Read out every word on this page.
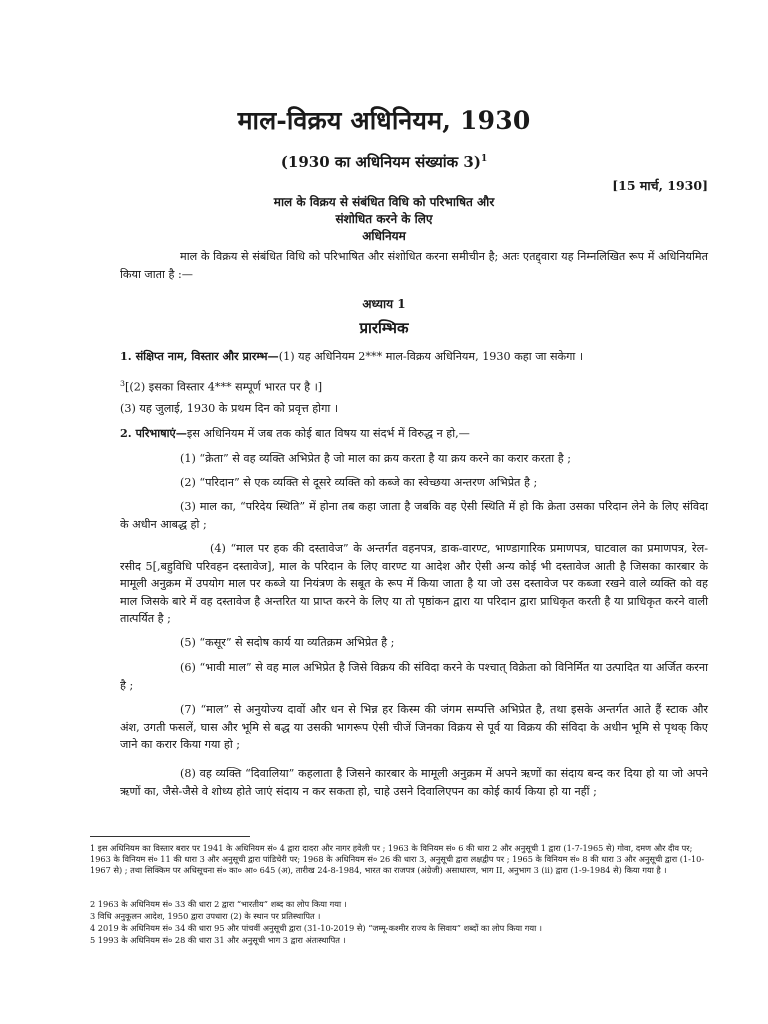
माल-विक्रय अधिनियम, 1930
(1930 का अधिनियम संख्यांक 3)$^1$
[15 मार्च, 1930]
माल के विक्रय से संबंधित विधि को परिभाषित और
संशोधित करने के लिए
अधिनियम
माल के विक्रय से संबंधित विधि को परिभाषित और संशोधित करना समीचीन है; अतः एतद्द्वारा यह निम्नलिखित रूप में अधिनियमित किया जाता है :—
अध्याय 1
प्रारम्भिक
1. संक्षिप्त नाम, विस्तार और प्रारम्भ—(1) यह अधिनियम 2*** माल-विक्रय अधिनियम, 1930 कहा जा सकेगा ।
$^3$[(2) इसका विस्तार 4*** सम्पूर्ण भारत पर है ।]
(3) यह जुलाई, 1930 के प्रथम दिन को प्रवृत्त होगा ।
2. परिभाषाएं—इस अधिनियम में जब तक कोई बात विषय या संदर्भ में विरुद्ध न हो,—
(1) “क्रेता” से वह व्यक्ति अभिप्रेत है जो माल का क्रय करता है या क्रय करने का करार करता है ;
(2) “परिदान” से एक व्यक्ति से दूसरे व्यक्ति को कब्जे का स्वेच्छया अन्तरण अभिप्रेत है ;
(3) माल का, “परिदेय स्थिति” में होना तब कहा जाता है जबकि वह ऐसी स्थिति में हो कि क्रेता उसका परिदान लेने के लिए संविदा के अधीन आबद्ध हो ;
(4) “माल पर हक की दस्तावेज” के अन्तर्गत वहनपत्र, डाक-वारण्ट, भाण्डागारिक प्रमाणपत्र, घाटवाल का प्रमाणपत्र, रेल-रसीद 5[,बहुविधि परिवहन दस्तावेज], माल के परिदान के लिए वारण्ट या आदेश और ऐसी अन्य कोई भी दस्तावेज आती है जिसका कारबार के मामूली अनुक्रम में उपयोग माल पर कब्जे या नियंत्रण के सबूत के रूप में किया जाता है या जो उस दस्तावेज पर कब्जा रखने वाले व्यक्ति को वह माल जिसके बारे में वह दस्तावेज है अन्तरित या प्राप्त करने के लिए या तो पृष्ठांकन द्वारा या परिदान द्वारा प्राधिकृत करती है या प्राधिकृत करने वाली तात्पर्यित है ;
(5) “कसूर” से सदोष कार्य या व्यतिक्रम अभिप्रेत है ;
(6) “भावी माल” से वह माल अभिप्रेत है जिसे विक्रय की संविदा करने के पश्चात् विक्रेता को विनिर्मित या उत्पादित या अर्जित करना है ;
(7) “माल” से अनुयोज्य दावों और धन से भिन्न हर किस्म की जंगम सम्पत्ति अभिप्रेत है, तथा इसके अन्तर्गत आते हैं स्टाक और अंश, उगती फसलें, घास और भूमि से बद्ध या उसकी भागरूप ऐसी चीजें जिनका विक्रय से पूर्व या विक्रय की संविदा के अधीन भूमि से पृथक् किए जाने का करार किया गया हो ;
(8) वह व्यक्ति “दिवालिया” कहलाता है जिसने कारबार के मामूली अनुक्रम में अपने ऋणों का संदाय बन्द कर दिया हो या जो अपने ऋणों का, जैसे-जैसे वे शोध्य होते जाएं संदाय न कर सकता हो, चाहे उसने दिवालिएपन का कोई कार्य किया हो या नहीं ;
1 इस अधिनियम का विस्तार बरार पर 1941 के अधिनियम सं० 4 द्वारा दादरा और नागर हवेली पर ; 1963 के विनियम सं० 6 की धारा 2 और अनुसूची 1 द्वारा (1-7-1965 से) गोवा, दमण और दीव पर; 1963 के विनियम सं० 11 की धारा 3 और अनुसूची द्वारा पांडिचेरी पर; 1968 के अधिनियम सं० 26 की धारा 3, अनुसूची द्वारा लक्षद्वीप पर ; 1965 के विनियम सं० 8 की धारा 3 और अनुसूची द्वारा (1-10-1967 से) ; तथा सिक्किम पर अधिसूचना सं० का० आ० 645 (अ), तारीख 24-8-1984, भारत का राजपत्र (अंग्रेजी) असाधारण, भाग II, अनुभाग 3 (ii) द्वारा (1-9-1984 से) किया गया है ।
2 1963 के अधिनियम सं० 33 की धारा 2 द्वारा “भारतीय” शब्द का लोप किया गया ।
3 विधि अनुकूलन आदेश, 1950 द्वारा उपधारा (2) के स्थान पर प्रतिस्थापित ।
4 2019 के अधिनियम सं० 34 की धारा 95 और पांचवीं अनुसूची द्वारा (31-10-2019 से) “जम्मू-कश्मीर राज्य के सिवाय” शब्दों का लोप किया गया ।
5 1993 के अधिनियम सं० 28 की धारा 31 और अनुसूची भाग 3 द्वारा अंतःस्थापित ।
